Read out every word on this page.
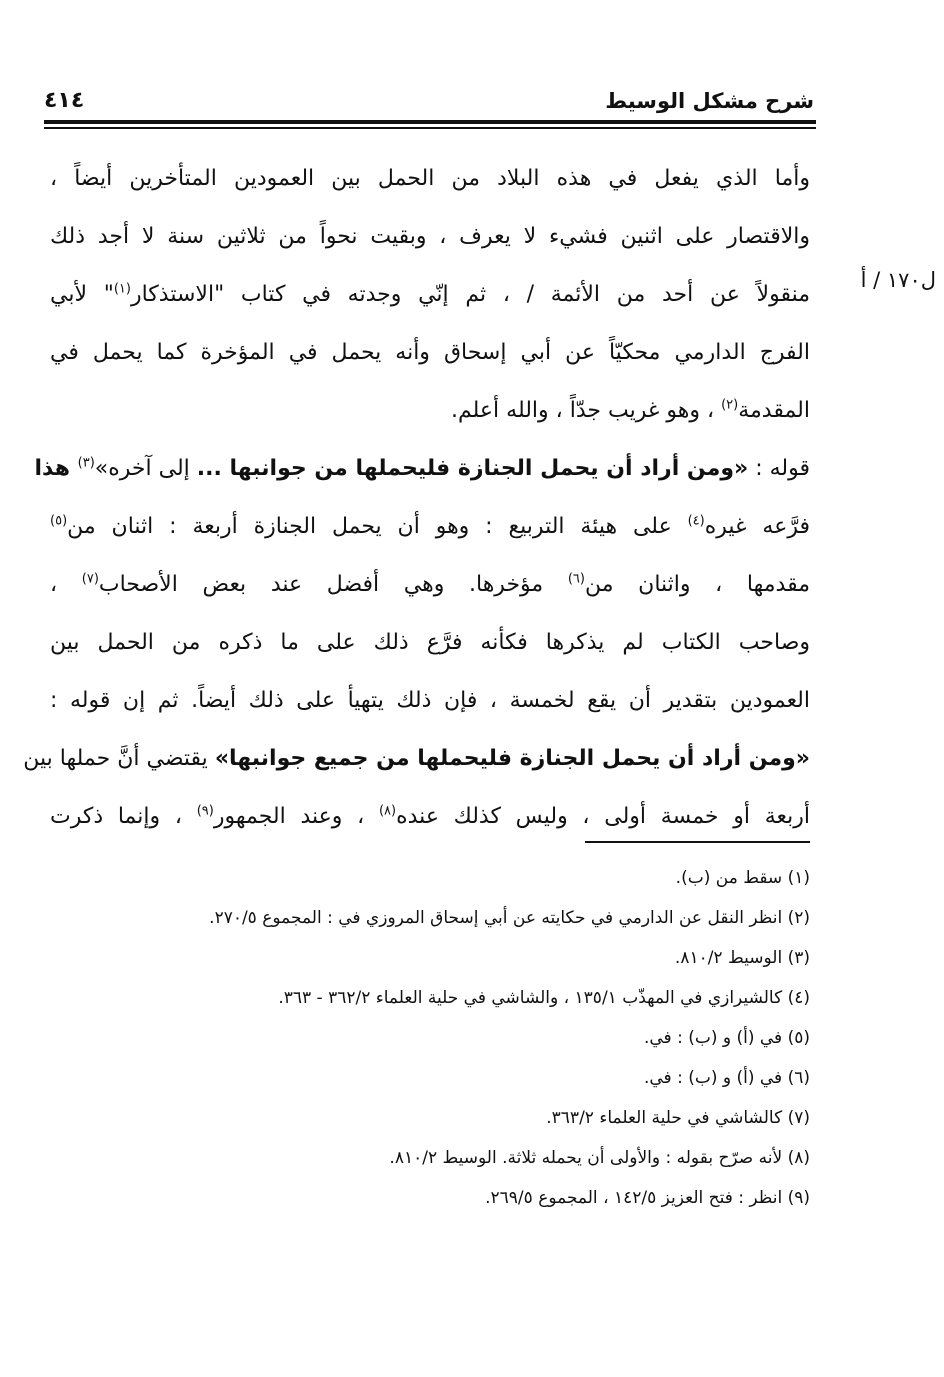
شرح مشكل الوسيط
٤١٤
ل١٧٠ / أ
وأما الذي يفعل في هذه البلاد من الحمل بين العمودين المتأخرين أيضاً ،
والاقتصار على اثنين فشيء لا يعرف ، وبقيت نحواً من ثلاثين سنة لا أجد ذلك
منقولاً عن أحد من الأئمة / ، ثم إنّي وجدته في كتاب "الاستذكار$^{(١)}$" لأبي
الفرج الدارمي محكيّاً عن أبي إسحاق وأنه يحمل في المؤخرة كما يحمل في
المقدمة$^{(٢)}$ ، وهو غريب جدّاً ، والله أعلم.
قوله : «ومن أراد أن يحمل الجنازة فليحملها من جوانبها ... إلى آخره»$^{(٣)}$ هذا
فرَّعه غيره$^{(٤)}$ على هيئة التربيع : وهو أن يحمل الجنازة أربعة : اثنان من$^{(٥)}$
مقدمها ، واثنان من$^{(٦)}$ مؤخرها. وهي أفضل عند بعض الأصحاب$^{(٧)}$ ،
وصاحب الكتاب لم يذكرها فكأنه فرَّع ذلك على ما ذكره من الحمل بين
العمودين بتقدير أن يقع لخمسة ، فإن ذلك يتهيأ على ذلك أيضاً. ثم إن قوله :
«ومن أراد أن يحمل الجنازة فليحملها من جميع جوانبها» يقتضي أنَّ حملها بين
أربعة أو خمسة أولى ، وليس كذلك عنده$^{(٨)}$ ، وعند الجمهور$^{(٩)}$ ، وإنما ذكرت
(١) سقط من (ب).
(٢) انظر النقل عن الدارمي في حكايته عن أبي إسحاق المروزي في : المجموع ٢٧٠/٥.
(٣) الوسيط ٨١٠/٢.
(٤) كالشيرازي في المهذّب ١٣٥/١ ، والشاشي في حلية العلماء ٣٦٢/٢ - ٣٦٣.
(٥) في (أ) و (ب) : في.
(٦) في (أ) و (ب) : في.
(٧) كالشاشي في حلية العلماء ٣٦٣/٢.
(٨) لأنه صرّح بقوله : والأولى أن يحمله ثلاثة. الوسيط ٨١٠/٢.
(٩) انظر : فتح العزيز ١٤٢/٥ ، المجموع ٢٦٩/٥.
